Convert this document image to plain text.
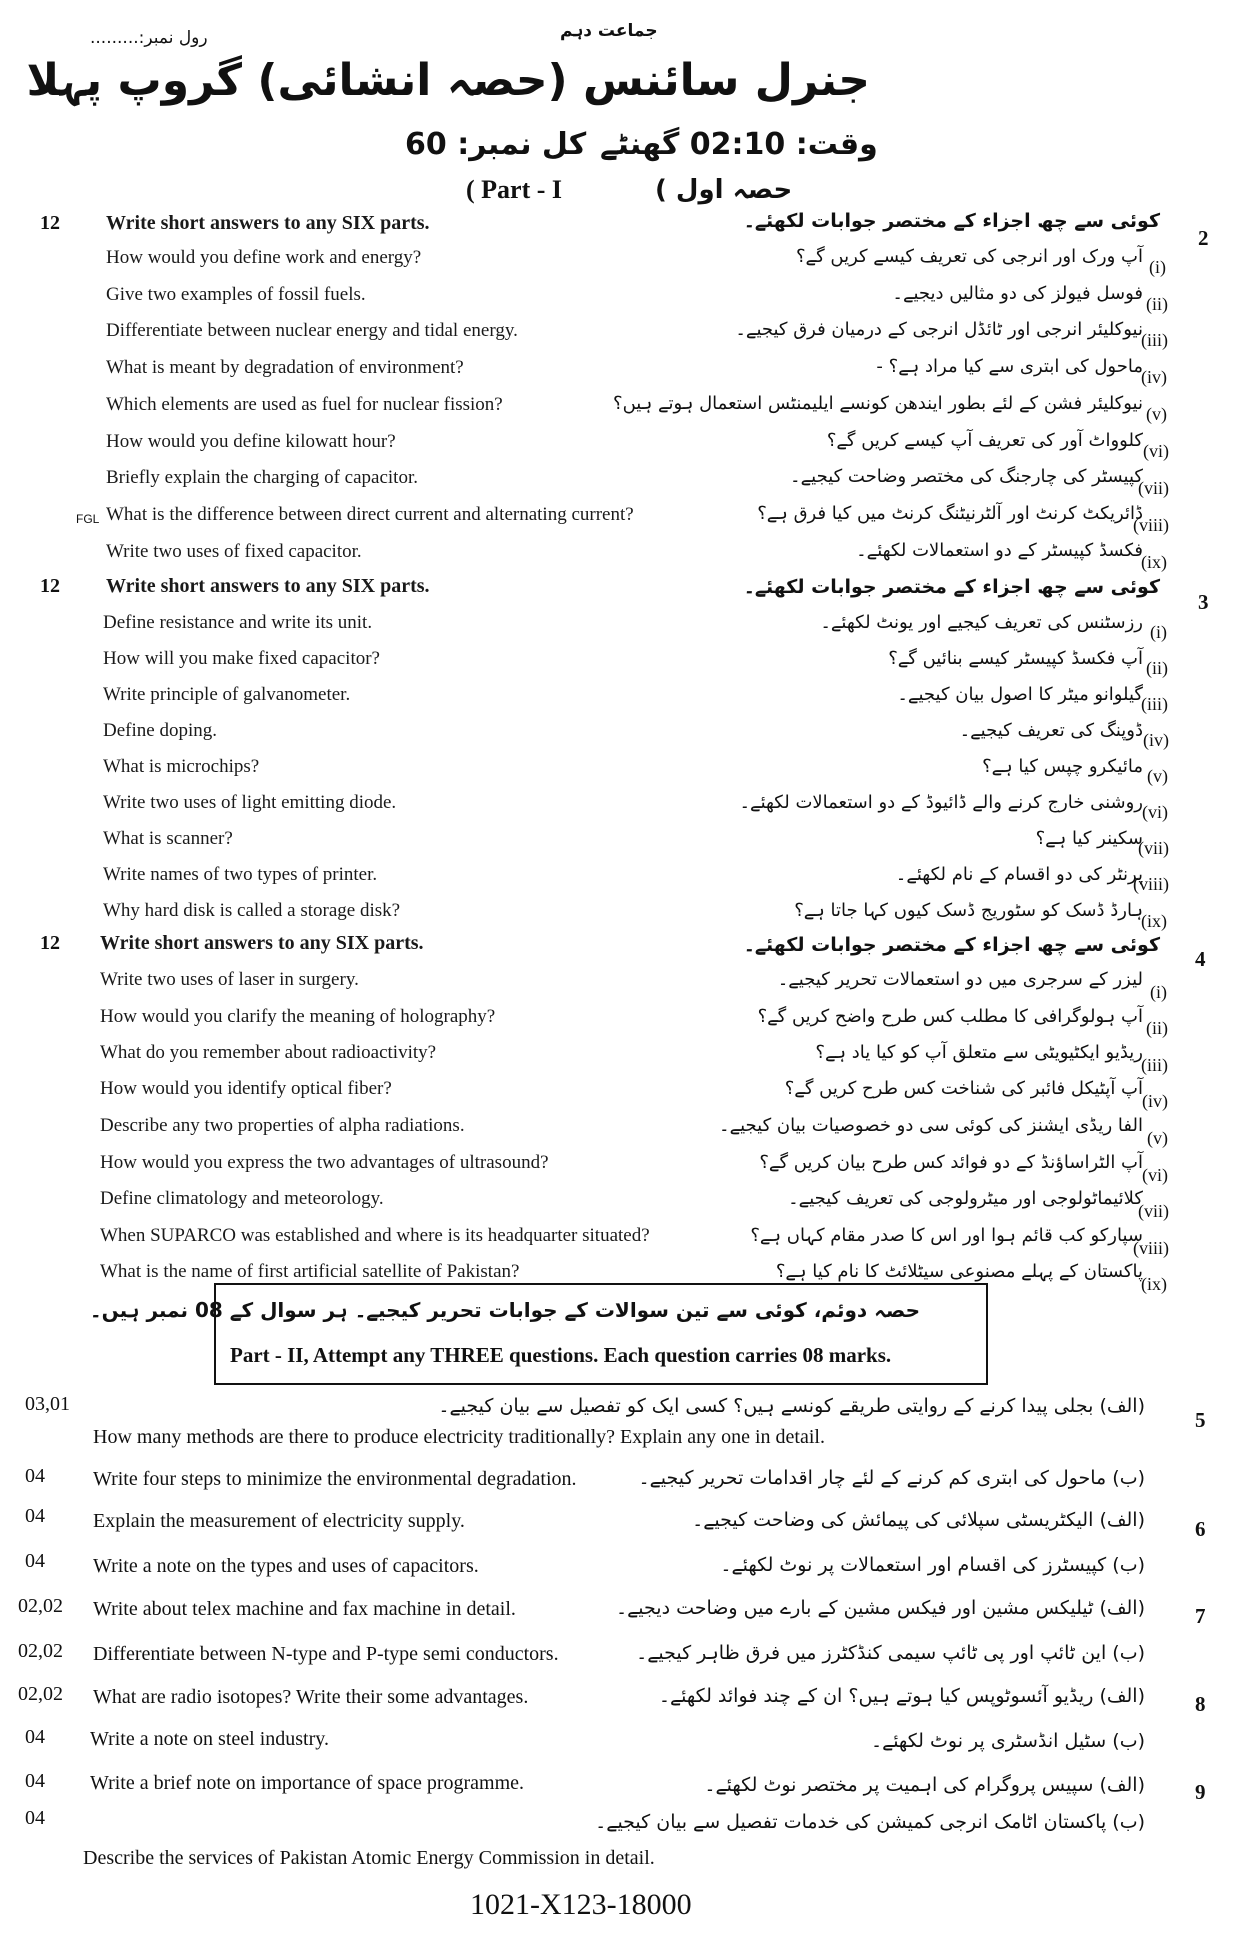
رول نمبر:.........	جماعت دہم
جنرل سائنس (حصہ انشائی) گروپ پہلا
وقت: 02:10 گھنٹے
کل نمبر: 60
( Part - I	حصہ اول )
12 Write short answers to any SIX parts.	کوئی سے چھ اجزاء کے مختصر جوابات لکھئے۔
2
How would you define work and energy?	آپ ورک اور انرجی کی تعریف کیسے کریں گے؟ (i)
Give two examples of fossil fuels.	فوسل فیولز کی دو مثالیں دیجیے۔ (ii)
Differentiate between nuclear energy and tidal energy.	نیوکلیئر انرجی اور ٹائڈل انرجی کے درمیان فرق کیجیے۔
(iii)
What is meant by degradation of environment?	ماحول کی ابتری سے کیا مراد ہے؟ -
(iv)
Which elements are used as fuel for nuclear fission?	نیوکلیئر فشن کے لئے بطور ایندھن کونسے ایلیمنٹس استعمال ہوتے ہیں؟ (v)
How would you define kilowatt hour?	کلوواٹ آور کی تعریف آپ کیسے کریں گے؟ (vi)
Briefly explain the charging of capacitor.	کپیسٹر کی چارجنگ کی مختصر وضاحت کیجیے۔
(vii)
FGL What is the difference between direct current and alternating current?	ڈائریکٹ کرنٹ اور آلٹرنیٹنگ کرنٹ میں کیا فرق ہے؟
(viii)
Write two uses of fixed capacitor.	فکسڈ کپیسٹر کے دو استعمالات لکھئے۔
(ix)
12 Write short answers to any SIX parts.	کوئی سے چھ اجزاء کے مختصر جوابات لکھئے۔
3
Define resistance and write its unit.	رزسٹنس کی تعریف کیجیے اور یونٹ لکھئے۔ (i)
How will you make fixed capacitor?	آپ فکسڈ کپیسٹر کیسے بنائیں گے؟ (ii)
Write principle of galvanometer.	گیلوانو میٹر کا اصول بیان کیجیے۔
(iii)
Define doping.	ڈوپنگ کی تعریف کیجیے۔ (iv)
What is microchips?	مائیکرو چپس کیا ہے؟ (v)
Write two uses of light emitting diode.	روشنی خارج کرنے والے ڈائیوڈ کے دو استعمالات لکھئے۔ (vi)
What is scanner?	سکینر کیا ہے؟
(vii)
Write names of two types of printer.	پرنٹر کی دو اقسام کے نام لکھئے۔
(viii)
Why hard disk is called a storage disk?	ہارڈ ڈسک کو سٹوریج ڈسک کیوں کہا جاتا ہے؟
(ix)
12 Write short answers to any SIX parts.	کوئی سے چھ اجزاء کے مختصر جوابات لکھئے۔
4
Write two uses of laser in surgery.	لیزر کے سرجری میں دو استعمالات تحریر کیجیے۔
(i)
How would you clarify the meaning of holography?	آپ ہولوگرافی کا مطلب کس طرح واضح کریں گے؟
(ii)
What do you remember about radioactivity?	ریڈیو ایکٹیویٹی سے متعلق آپ کو کیا یاد ہے؟
(iii)
How would you identify optical fiber?	آپ آپٹیکل فائبر کی شناخت کس طرح کریں گے؟
(iv)
Describe any two properties of alpha radiations.	الفا ریڈی ایشنز کی کوئی سی دو خصوصیات بیان کیجیے۔
(v)
How would you express the two advantages of ultrasound?	آپ الٹراساؤنڈ کے دو فوائد کس طرح بیان کریں گے؟
(vi)
Define climatology and meteorology.	کلائیماٹولوجی اور میٹرولوجی کی تعریف کیجیے۔
(vii)
When SUPARCO was established and where is its headquarter situated?	سپارکو کب قائم ہوا اور اس کا صدر مقام کہاں ہے؟
(viii)
What is the name of first artificial satellite of Pakistan?	پاکستان کے پہلے مصنوعی سیٹلائٹ کا نام کیا ہے؟
(ix)
حصہ دوئم، کوئی سے تین سوالات کے جوابات تحریر کیجیے۔ ہر سوال کے 08 نمبر ہیں۔
Part - II, Attempt any THREE questions. Each question carries 08 marks.
03,01	(الف) بجلی پیدا کرنے کے روایتی طریقے کونسے ہیں؟ کسی ایک کو تفصیل سے بیان کیجیے۔
5
How many methods are there to produce electricity traditionally? Explain any one in detail.
04 Write four steps to minimize the environmental degradation.	(ب) ماحول کی ابتری کم کرنے کے لئے چار اقدامات تحریر کیجیے۔
04 Explain the measurement of electricity supply.	(الف) الیکٹریسٹی سپلائی کی پیمائش کی وضاحت کیجیے۔	6
04 Write a note on the types and uses of capacitors.	(ب) کپیسٹرز کی اقسام اور استعمالات پر نوٹ لکھئے۔
02,02 Write about telex machine and fax machine in detail.	(الف) ٹیلیکس مشین اور فیکس مشین کے بارے میں وضاحت دیجیے۔	7
02,02 Differentiate between N-type and P-type semi conductors.	(ب) این ٹائپ اور پی ٹائپ سیمی کنڈکٹرز میں فرق ظاہر کیجیے۔
02,02 What are radio isotopes? Write their some advantages.	(الف) ریڈیو آئسوٹوپس کیا ہوتے ہیں؟ ان کے چند فوائد لکھئے۔	8
04 Write a note on steel industry.	(ب) سٹیل انڈسٹری پر نوٹ لکھئے۔
04 Write a brief note on importance of space programme.	(الف) سپیس پروگرام کی اہمیت پر مختصر نوٹ لکھئے۔	9
04	(ب) پاکستان اٹامک انرجی کمیشن کی خدمات تفصیل سے بیان کیجیے۔
Describe the services of Pakistan Atomic Energy Commission in detail.
1021-X123-18000
